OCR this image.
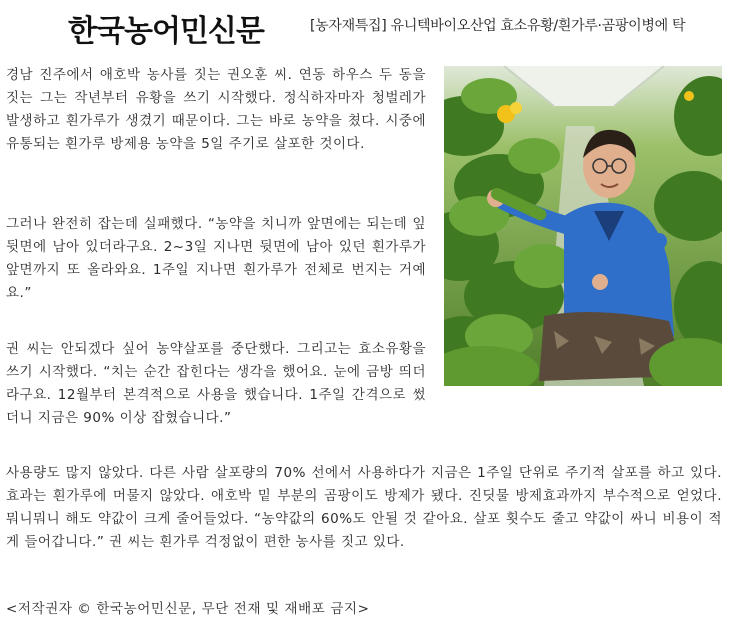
한국농어민신문	[농자재특집] 유니텍바이오산업 효소유황/흰가루·곰팡이병에 탁

경남 진주에서 애호박 농사를 짓는 권오훈 씨. 연동 하우스 두 동을 짓는 그는 작년부터 유황을 쓰기 시작했다. 정식하자마자 청벌레가 발생하고 흰가루가 생겼기 때문이다. 그는 바로 농약을 쳤다. 시중에 유통되는 흰가루 방제용 농약을 5일 주기로 살포한 것이다.

그러나 완전히 잡는데 실패했다. “농약을 치니까 앞면에는 되는데 잎 뒷면에 남아 있더라구요. 2~3일 지나면 뒷면에 남아 있던 흰가루가 앞면까지 또 올라와요. 1주일 지나면 흰가루가 전체로 번지는 거예요.”

권 씨는 안되겠다 싶어 농약살포를 중단했다. 그리고는 효소유황을 쓰기 시작했다. “치는 순간 잡힌다는 생각을 했어요. 눈에 금방 띄더라구요. 12월부터 본격적으로 사용을 했습니다. 1주일 간격으로 썼더니 지금은 90% 이상 잡혔습니다.”

사용량도 많지 않았다. 다른 사람 살포량의 70% 선에서 사용하다가 지금은 1주일 단위로 주기적 살포를 하고 있다. 효과는 흰가루에 머물지 않았다. 애호박 밑 부분의 곰팡이도 방제가 됐다. 진딧물 방제효과까지 부수적으로 얻었다. 뭐니뭐니 해도 약값이 크게 줄어들었다. “농약값의 60%도 안될 것 같아요. 살포 횟수도 줄고 약값이 싸니 비용이 적게 들어갑니다.” 권 씨는 흰가루 걱정없이 편한 농사를 짓고 있다.

<저작권자 © 한국농어민신문, 무단 전재 및 재배포 금지>
